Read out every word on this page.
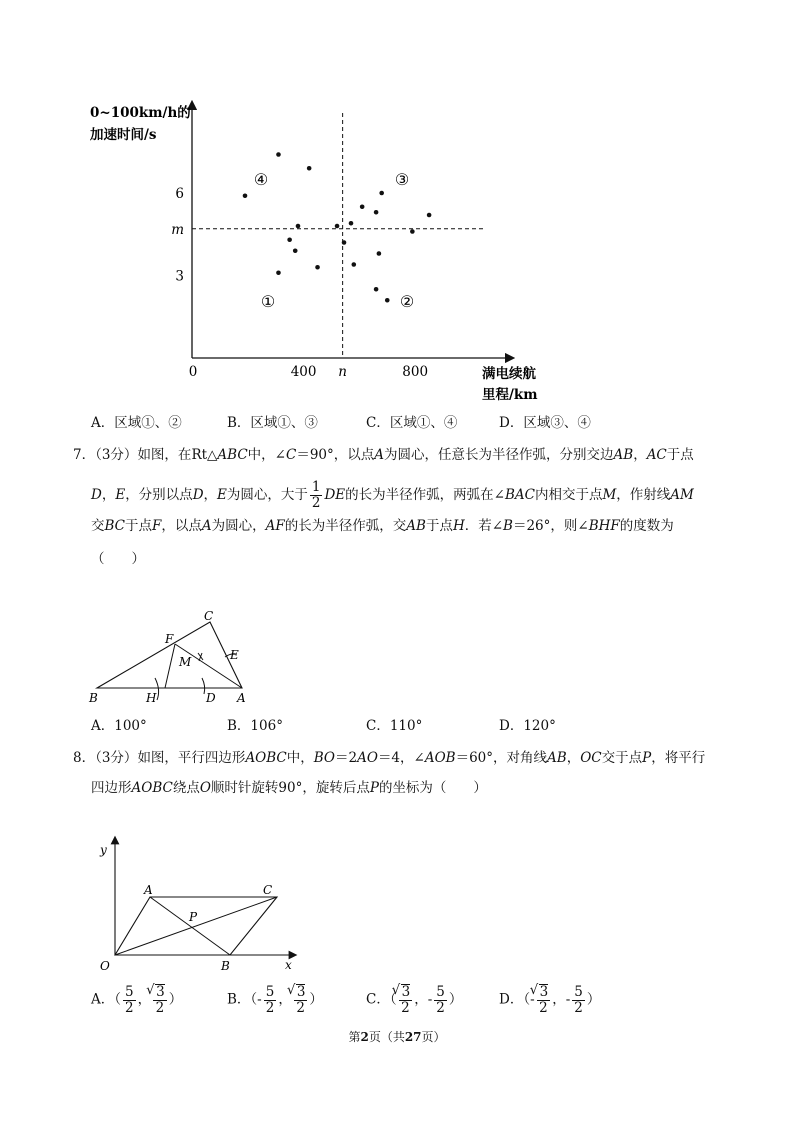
0~100km/h的
加速时间/s
满电续航
里程/km
0	400	800
n
6
m
3
①	②
③
④
A．区域①、②	B．区域①、③	C．区域①、④	D．区域③、④
7．（3分）如图，在Rt△ABC中，∠C＝90°，以点A为圆心，任意长为半径作弧，分别交边AB，AC于点
D，E，分别以点D，E为圆心，大于 $\frac{1}{2}$ DE的长为半径作弧，两弧在∠BAC内相交于点M，作射线AM
交BC于点F，以点A为圆心，AF的长为半径作弧，交AB于点H．若∠B＝26°，则∠BHF的度数为
（　　）
C
F
E
M
B	H	D A
A．100°	B．106°	C．110°	D．120°
8．（3分）如图，平行四边形AOBC中，BO＝2AO＝4，∠AOB＝60°，对角线AB，OC交于点P，将平行
四边形AOBC绕点O顺时针旋转90°，旋转后点P的坐标为（　　）
y
x
O
A
B
C
P
A．（ $\frac{5}{2}$ ， √ $\frac{3}{2}$ ）	B．（- $\frac{5}{2}$ ， √ $\frac{3}{2}$ ）	C．（ √ $\frac{3}{2}$ ，- $\frac{5}{2}$ ）	D．（- √ $\frac{3}{2}$ ，- $\frac{5}{2}$ ）
第2页（共27页）
